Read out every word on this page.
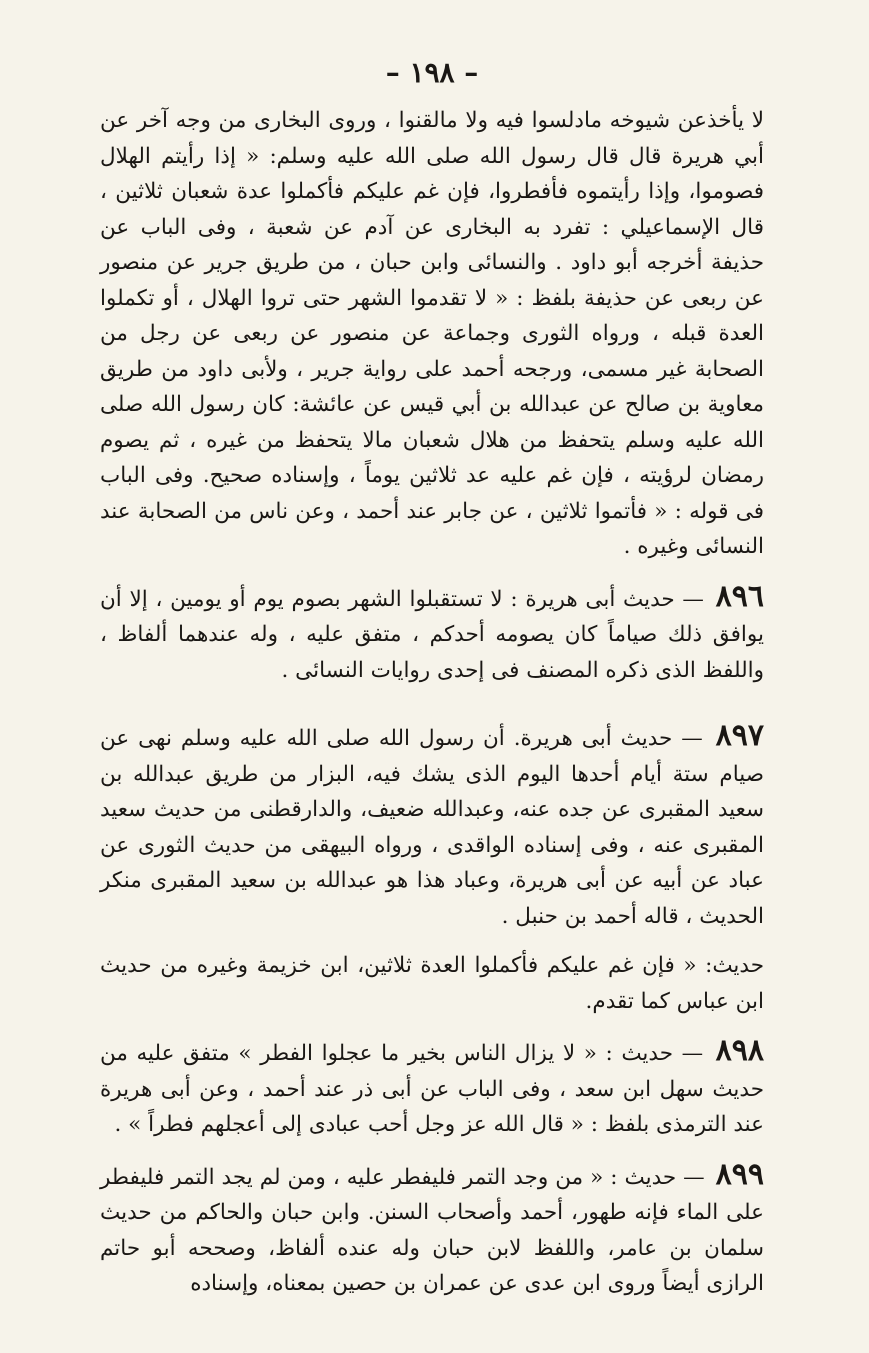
– ١٩٨ –

لا يأخذعن شيوخه مادلسوا فيه ولا مالقنوا ، وروى البخارى من وجه آخر عن أبي هريرة قال قال رسول الله صلى الله عليه وسلم: « إذا رأيتم الهلال فصوموا، وإذا رأيتموه فأفطروا، فإن غم عليكم فأكملوا عدة شعبان ثلاثين ، قال الإسماعيلي : تفرد به البخارى عن آدم عن شعبة ، وفى الباب عن حذيفة أخرجه أبو داود . والنسائى وابن حبان ، من طريق جرير عن منصور عن ربعى عن حذيفة بلفظ : « لا تقدموا الشهر حتى تروا الهلال ، أو تكملوا العدة قبله ، ورواه الثورى وجماعة عن منصور عن ربعى عن رجل من الصحابة غير مسمى، ورجحه أحمد على رواية جرير ، ولأبى داود من طريق معاوية بن صالح عن عبدالله بن أبي قيس عن عائشة: كان رسول الله صلى الله عليه وسلم يتحفظ من هلال شعبان مالا يتحفظ من غيره ، ثم يصوم رمضان لرؤيته ، فإن غم عليه عد ثلاثين يوماً ، وإسناده صحيح. وفى الباب فى قوله : « فأتموا ثلاثين ، عن جابر عند أحمد ، وعن ناس من الصحابة عند النسائى وغيره .

٨٩٦ — حديث أبى هريرة : لا تستقبلوا الشهر بصوم يوم أو يومين ، إلا أن يوافق ذلك صياماً كان يصومه أحدكم ، متفق عليه ، وله عندهما ألفاظ ، واللفظ الذى ذكره المصنف فى إحدى روايات النسائى .

٨٩٧ — حديث أبى هريرة. أن رسول الله صلى الله عليه وسلم نهى عن صيام ستة أيام أحدها اليوم الذى يشك فيه، البزار من طريق عبدالله بن سعيد المقبرى عن جده عنه، وعبدالله ضعيف، والدارقطنى من حديث سعيد المقبرى عنه ، وفى إسناده الواقدى ، ورواه البيهقى من حديث الثورى عن عباد عن أبيه عن أبى هريرة، وعباد هذا هو عبدالله بن سعيد المقبرى منكر الحديث ، قاله أحمد بن حنبل .

حديث: « فإن غم عليكم فأكملوا العدة ثلاثين، ابن خزيمة وغيره من حديث ابن عباس كما تقدم.

٨٩٨ — حديث : « لا يزال الناس بخير ما عجلوا الفطر » متفق عليه من حديث سهل ابن سعد ، وفى الباب عن أبى ذر عند أحمد ، وعن أبى هريرة عند الترمذى بلفظ : « قال الله عز وجل أحب عبادى إلى أعجلهم فطراً » .

٨٩٩ — حديث : « من وجد التمر فليفطر عليه ، ومن لم يجد التمر فليفطر على الماء فإنه طهور، أحمد وأصحاب السنن. وابن حبان والحاكم من حديث سلمان بن عامر، واللفظ لابن حبان وله عنده ألفاظ، وصححه أبو حاتم الرازى أيضاً وروى ابن عدى عن عمران بن حصين بمعناه، وإسناده
